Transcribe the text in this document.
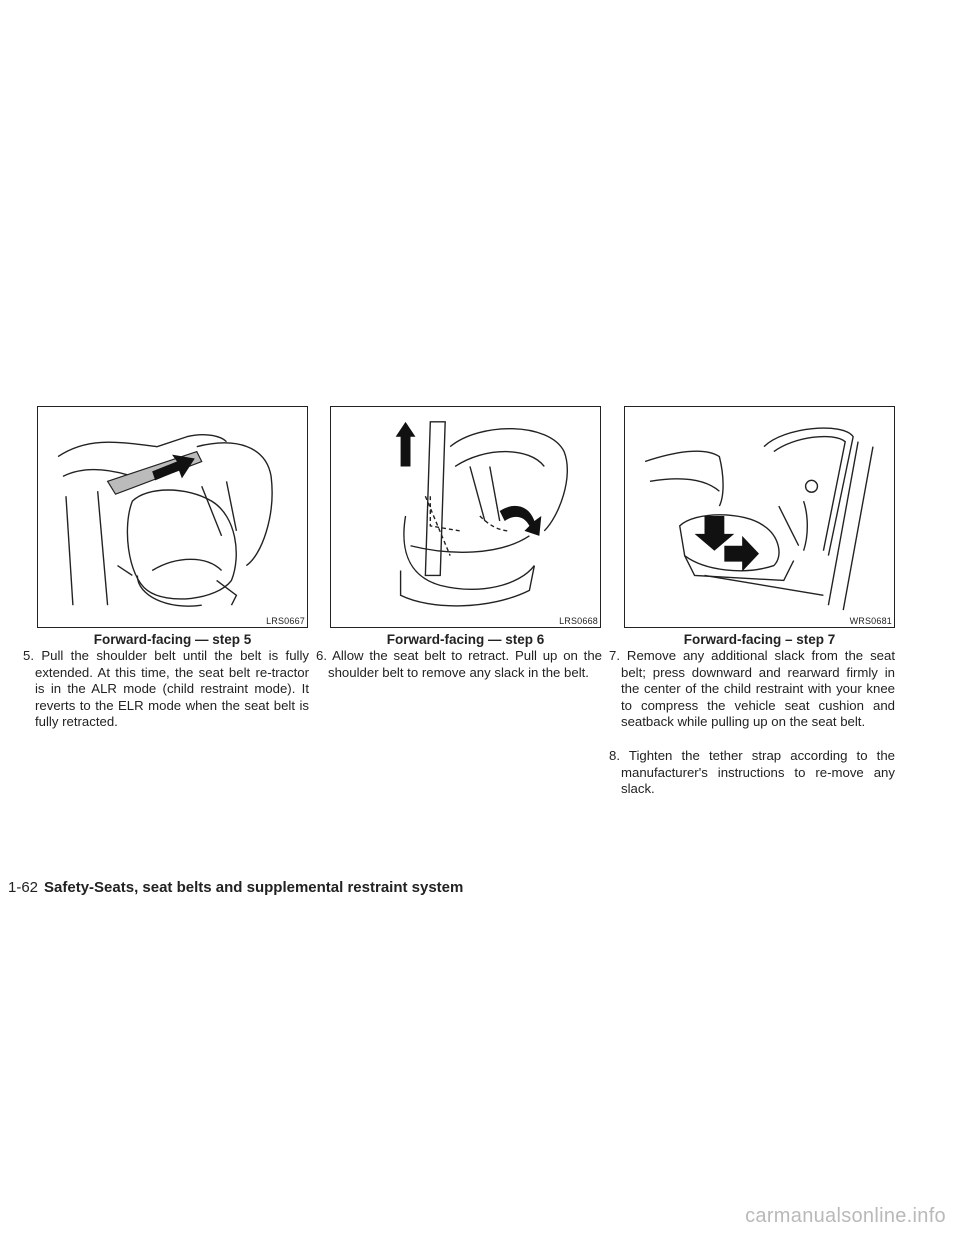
LRS0667	LRS0668	WRS0681
Forward-facing — step 5	Forward-facing — step 6	Forward-facing – step 7

5. Pull the shoulder belt until the belt is fully extended. At this time, the seat belt re-tractor is in the ALR mode (child restraint mode). It reverts to the ELR mode when the seat belt is fully retracted.

6. Allow the seat belt to retract. Pull up on the shoulder belt to remove any slack in the belt.

7. Remove any additional slack from the seat belt; press downward and rearward firmly in the center of the child restraint with your knee to compress the vehicle seat cushion and seatback while pulling up on the seat belt.

8. Tighten the tether strap according to the manufacturer's instructions to re-move any slack.

1-62 Safety-Seats, seat belts and supplemental restraint system
carmanualsonline.info
